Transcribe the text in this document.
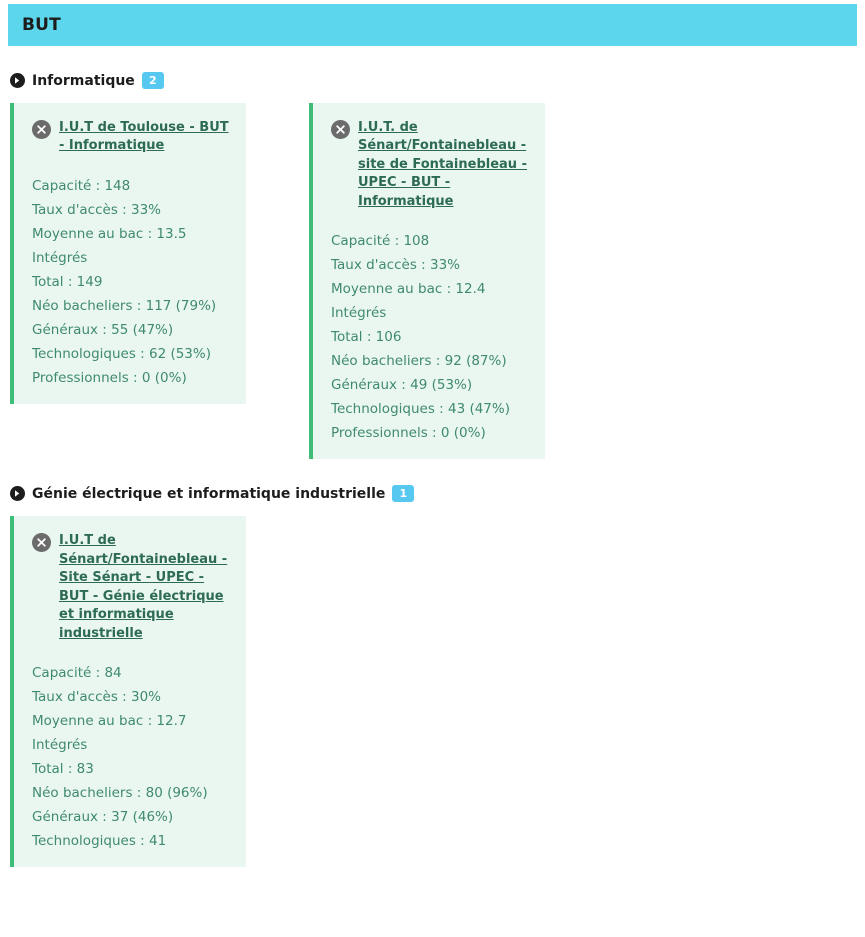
BUT
Informatique	2
I.U.T de Toulouse - BUT - Informatique
Capacité : 148
Taux d'accès : 33%
Moyenne au bac : 13.5
Intégrés
Total : 149
Néo bacheliers : 117 (79%)
Généraux : 55 (47%)
Technologiques : 62 (53%)
Professionnels : 0 (0%)
I.U.T. de Sénart/Fontainebleau - site de Fontainebleau - UPEC - BUT - Informatique
Capacité : 108
Taux d'accès : 33%
Moyenne au bac : 12.4
Intégrés
Total : 106
Néo bacheliers : 92 (87%)
Généraux : 49 (53%)
Technologiques : 43 (47%)
Professionnels : 0 (0%)
Génie électrique et informatique industrielle	1
I.U.T de Sénart/Fontainebleau - Site Sénart - UPEC - BUT - Génie électrique et informatique industrielle
Capacité : 84
Taux d'accès : 30%
Moyenne au bac : 12.7
Intégrés
Total : 83
Néo bacheliers : 80 (96%)
Généraux : 37 (46%)
Technologiques : 41
